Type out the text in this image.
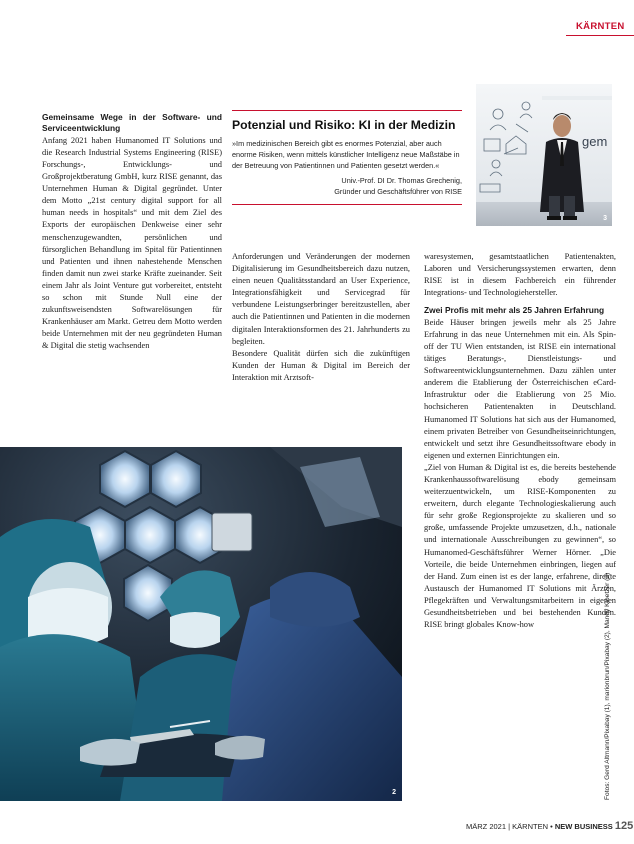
KÄRNTEN
Gemeinsame Wege in der Software- und Serviceentwicklung

Anfang 2021 haben Humanomed IT Solutions und die Research Industrial Systems Engineering (RISE) Forschungs-, Entwicklungs- und Großprojektberatung GmbH, kurz RISE genannt, das Unternehmen Human & Digital gegründet. Unter dem Motto „21st century digital support for all human needs in hospitals“ und mit dem Ziel des Exports der europäischen Denkweise einer sehr menschenzugewandten, persönlichen und fürsorglichen Behandlung im Spital für Patientinnen und Patienten und ihnen nahestehende Menschen finden damit nun zwei starke Kräfte zueinander. Seit einem Jahr als Joint Venture gut vorbereitet, entsteht so schon mit Stunde Null eine der zukunftsweisendsten Softwarelösungen für Krankenhäuser am Markt. Getreu dem Motto werden beide Unternehmen mit der neu gegründeten Human & Digital die stetig wachsenden

Potenzial und Risiko: KI in der Medizin
»Im medizinischen Bereich gibt es enormes Potenzial, aber auch enorme Risiken, wenn mittels künstlicher Intelligenz neue Maßstäbe in der Betreuung von Patientinnen und Patienten gesetzt werden.«
Univ.-Prof. DI Dr. Thomas Grechenig,
Gründer und Geschäftsführer von RISE
gem
3

Anforderungen und Veränderungen der modernen Digitalisierung im Gesundheitsbereich dazu nutzen, einen neuen Qualitätsstandard an User Experience, Integrationsfähigkeit und Servicegrad für verbundene Leistungserbringer bereitzustellen, aber auch die Patientinnen und Patienten in die modernen digitalen Interaktionsformen des 21. Jahrhunderts zu begleiten.

Besondere Qualität dürfen sich die zukünftigen Kunden der Human & Digital im Bereich der Interaktion mit Arztsoft-

waresystemen, gesamtstaatlichen Patientenakten, Laboren und Versicherungssystemen erwarten, denn RISE ist in diesem Fachbereich ein führender Integrations- und Technologiehersteller.

Zwei Profis mit mehr als 25 Jahren Erfahrung

Beide Häuser bringen jeweils mehr als 25 Jahre Erfahrung in das neue Unternehmen mit ein. Als Spin-off der TU Wien entstanden, ist RISE ein international tätiges Beratungs-, Dienstleistungs- und Softwareentwicklungsunternehmen. Dazu zählen unter anderem die Etablierung der Österreichischen eCard-Infrastruktur oder die Etablierung von 25 Mio. hochsicheren Patientenakten in Deutschland. Humanomed IT Solutions hat sich aus der Humanomed, einem privaten Betreiber von Gesundheitseinrichtungen, entwickelt und setzt ihre Gesundheitssoftware ebody in eigenen und externen Einrichtungen ein.

„Ziel von Human & Digital ist es, die bereits bestehende Krankenhaussoftwarelösung ebody gemeinsam weiterzuentwickeln, um RISE-Komponenten zu erweitern, durch elegante Technologieskalierung auch für sehr große Regionsprojekte zu skalieren und so große, umfassende Projekte umzusetzen, d.h., nationale und internationale Ausschreibungen zu gewinnen“, so Humanomed-Geschäftsführer Werner Hörner. „Die Vorteile, die beide Unternehmen einbringen, liegen auf der Hand. Zum einen ist es der lange, erfahrene, direkte Austausch der Humanomed IT Solutions mit Ärzten, Pflegekräften und Verwaltungsmitarbeitern in eigenen Gesundheitsbetrieben und bei bestehenden Kunden. RISE bringt globales Know-how

2	Fotos: Gerd Altmann/Pixabay (1), marionbrun/Pixabay (2), Mandy Kloetzer (3)
MÄRZ 2021 | KÄRNTEN • NEW BUSINESS 125
